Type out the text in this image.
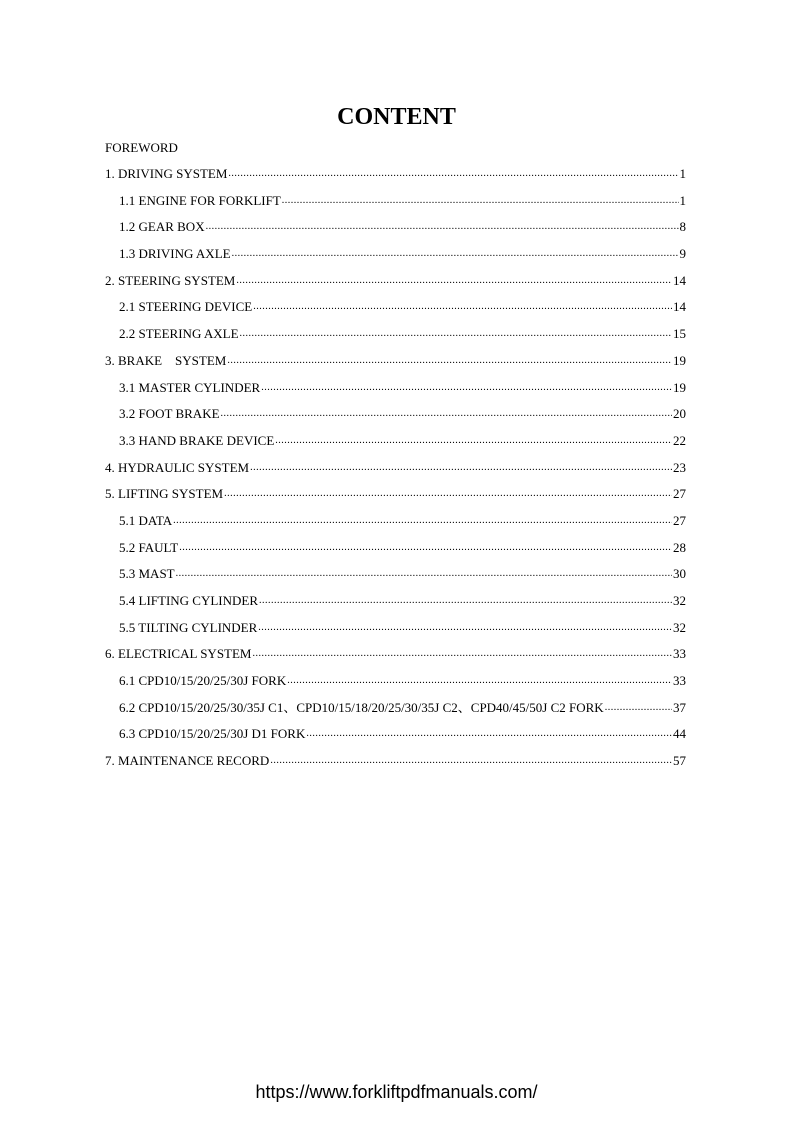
CONTENT
FOREWORD
1. DRIVING SYSTEM .....	1
1.1 ENGINE FOR FORKLIFT .....	1
1.2 GEAR BOX .....	8
1.3 DRIVING AXLE .....	9
2. STEERING SYSTEM .....	14
2.1 STEERING DEVICE .....	14
2.2 STEERING AXLE .....	15
3. BRAKE    SYSTEM .....	19
3.1 MASTER CYLINDER .....	19
3.2 FOOT BRAKE .....	20
3.3 HAND BRAKE DEVICE .....	22
4. HYDRAULIC SYSTEM .....	23
5. LIFTING SYSTEM .....	27
5.1 DATA .....	27
5.2 FAULT .....	28
5.3 MAST .....	30
5.4 LIFTING CYLINDER .....	32
5.5 TILTING CYLINDER .....	32
6. ELECTRICAL SYSTEM .....	33
6.1 CPD10/15/20/25/30J FORK .....	33
6.2 CPD10/15/20/25/30/35J C1、CPD10/15/18/20/25/30/35J C2、CPD40/45/50J C2 FORK .....	37
6.3 CPD10/15/20/25/30J D1 FORK .....	44
7. MAINTENANCE RECORD .....	57
https://www.forkliftpdfmanuals.com/
